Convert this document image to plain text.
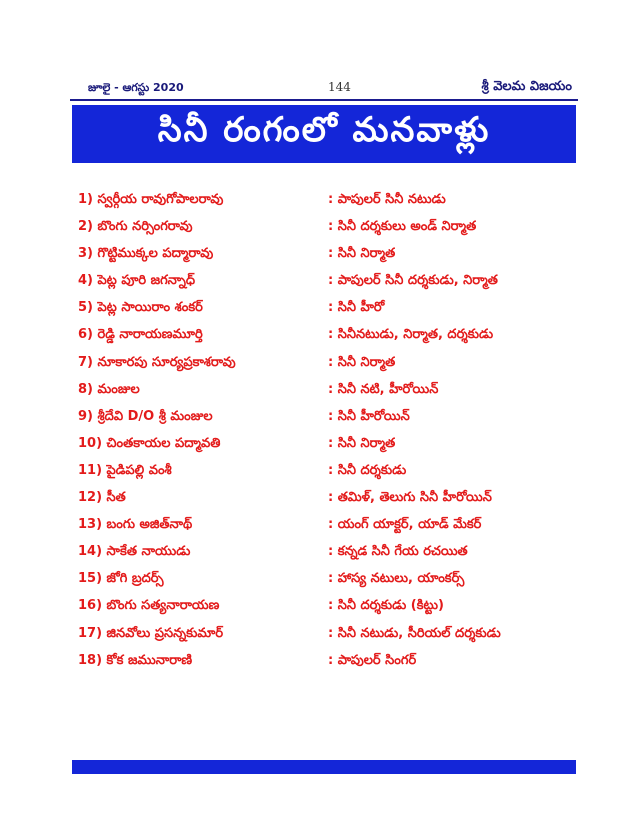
జూలై - ఆగస్టు 2020	144	శ్రీ వెలమ విజయం
సినీ రంగంలో మనవాళ్లు
1) స్వర్గీయ రావుగోపాలరావు	: పాపులర్ సినీ నటుడు
2) బొంగు నర్సింగరావు	: సినీ దర్శకులు అండ్ నిర్మాత
3) గొట్టిముక్కల పద్మారావు	: సినీ నిర్మాత
4) పెట్ల పూరి జగన్నాధ్	: పాపులర్ సినీ దర్శకుడు, నిర్మాత
5) పెట్ల సాయిరాం శంకర్	: సినీ హీరో
6) రెడ్డి నారాయణమూర్తి	: సినీనటుడు, నిర్మాత, దర్శకుడు
7) నూకారపు సూర్యప్రకాశరావు	: సినీ నిర్మాత
8) మంజుల	: సినీ నటి, హీరోయిన్
9) శ్రీదేవి D/O శ్రీ మంజుల	: సినీ హీరోయిన్
10) చింతకాయల పద్మావతి	: సినీ నిర్మాత
11) పైడిపల్లి వంశీ	: సినీ దర్శకుడు
12) సీత	: తమిళ్, తెలుగు సినీ హీరోయిన్
13) బంగు అజిత్‌నాథ్	: యంగ్ యాక్టర్, యాడ్ మేకర్
14) సాకేత నాయుడు	: కన్నడ సినీ గేయ రచయిత
15) జోగి బ్రదర్స్	: హాస్య నటులు, యాంకర్స్
16) బొంగు సత్యనారాయణ	: సినీ దర్శకుడు (కిట్టు)
17) జినవోలు ప్రసన్నకుమార్	: సినీ నటుడు, సీరియల్ దర్శకుడు
18) కోక జమునారాణి	: పాపులర్ సింగర్
